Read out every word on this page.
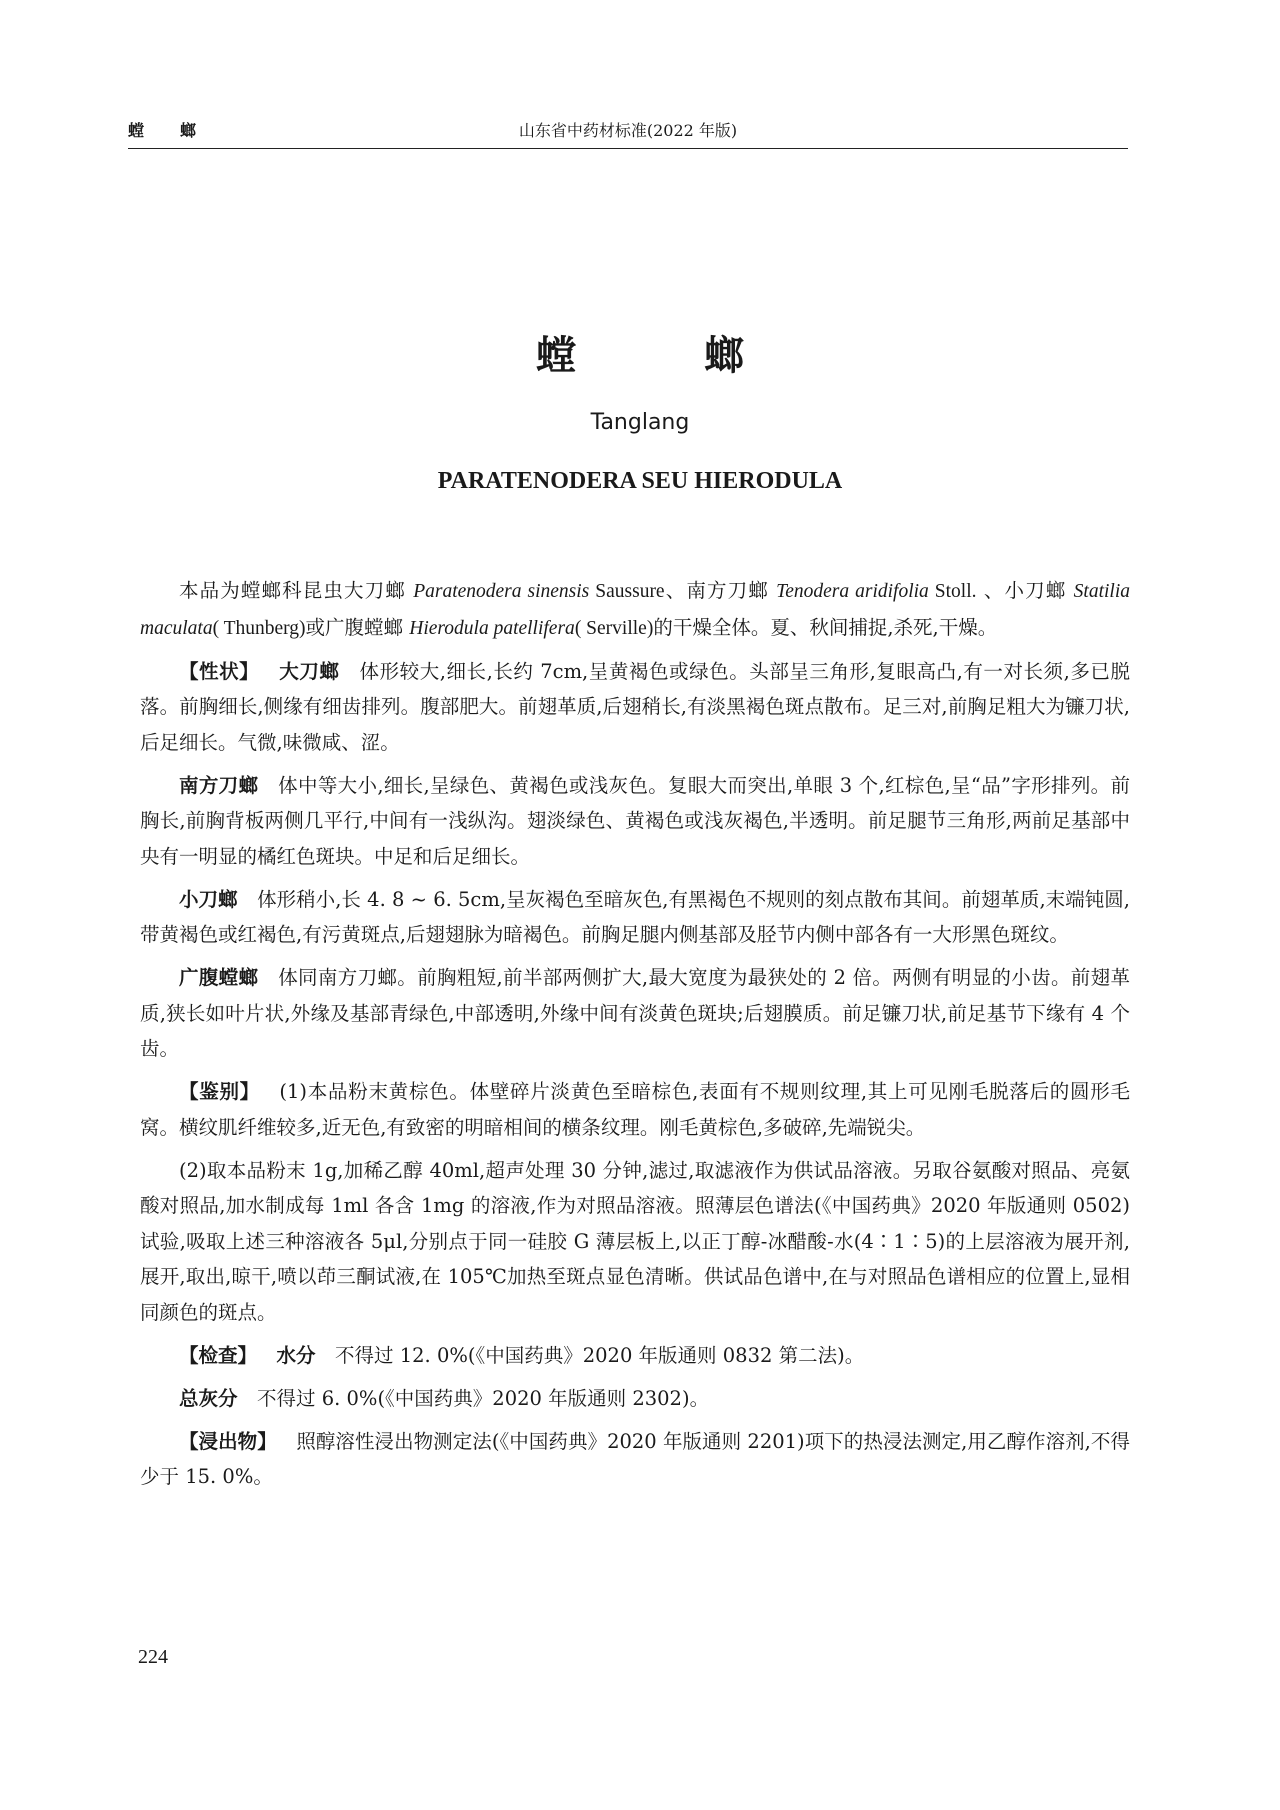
螳　螂	山东省中药材标准(2022 年版)
螳　螂
Tanglang
PARATENODERA SEU HIERODULA

本品为螳螂科昆虫大刀螂 Paratenodera sinensis Saussure、南方刀螂 Tenodera aridifolia Stoll. 、小刀螂 Statilia maculata( Thunberg)或广腹螳螂 Hierodula patellifera( Serville)的干燥全体。夏、秋间捕捉,杀死,干燥。

【性状】  大刀螂  体形较大,细长,长约 7cm,呈黄褐色或绿色。头部呈三角形,复眼高凸,有一对长须,多已脱落。前胸细长,侧缘有细齿排列。腹部肥大。前翅革质,后翅稍长,有淡黑褐色斑点散布。足三对,前胸足粗大为镰刀状,后足细长。气微,味微咸、涩。

南方刀螂  体中等大小,细长,呈绿色、黄褐色或浅灰色。复眼大而突出,单眼 3 个,红棕色,呈“品”字形排列。前胸长,前胸背板两侧几平行,中间有一浅纵沟。翅淡绿色、黄褐色或浅灰褐色,半透明。前足腿节三角形,两前足基部中央有一明显的橘红色斑块。中足和后足细长。

小刀螂  体形稍小,长 4. 8 ~ 6. 5cm,呈灰褐色至暗灰色,有黑褐色不规则的刻点散布其间。前翅革质,末端钝圆,带黄褐色或红褐色,有污黄斑点,后翅翅脉为暗褐色。前胸足腿内侧基部及胫节内侧中部各有一大形黑色斑纹。

广腹螳螂  体同南方刀螂。前胸粗短,前半部两侧扩大,最大宽度为最狭处的 2 倍。两侧有明显的小齿。前翅革质,狭长如叶片状,外缘及基部青绿色,中部透明,外缘中间有淡黄色斑块;后翅膜质。前足镰刀状,前足基节下缘有 4 个齿。

【鉴别】  (1)本品粉末黄棕色。体壁碎片淡黄色至暗棕色,表面有不规则纹理,其上可见刚毛脱落后的圆形毛窝。横纹肌纤维较多,近无色,有致密的明暗相间的横条纹理。刚毛黄棕色,多破碎,先端锐尖。

(2)取本品粉末 1g,加稀乙醇 40ml,超声处理 30 分钟,滤过,取滤液作为供试品溶液。另取谷氨酸对照品、亮氨酸对照品,加水制成每 1ml 各含 1mg 的溶液,作为对照品溶液。照薄层色谱法(《中国药典》2020 年版通则 0502)试验,吸取上述三种溶液各 5μl,分别点于同一硅胶 G 薄层板上,以正丁醇-冰醋酸-水(4∶1∶5)的上层溶液为展开剂,展开,取出,晾干,喷以茚三酮试液,在 105℃加热至斑点显色清晰。供试品色谱中,在与对照品色谱相应的位置上,显相同颜色的斑点。

【检查】  水分  不得过 12. 0%(《中国药典》2020 年版通则 0832 第二法)。

总灰分  不得过 6. 0%(《中国药典》2020 年版通则 2302)。

【浸出物】  照醇溶性浸出物测定法(《中国药典》2020 年版通则 2201)项下的热浸法测定,用乙醇作溶剂,不得少于 15. 0%。

224
